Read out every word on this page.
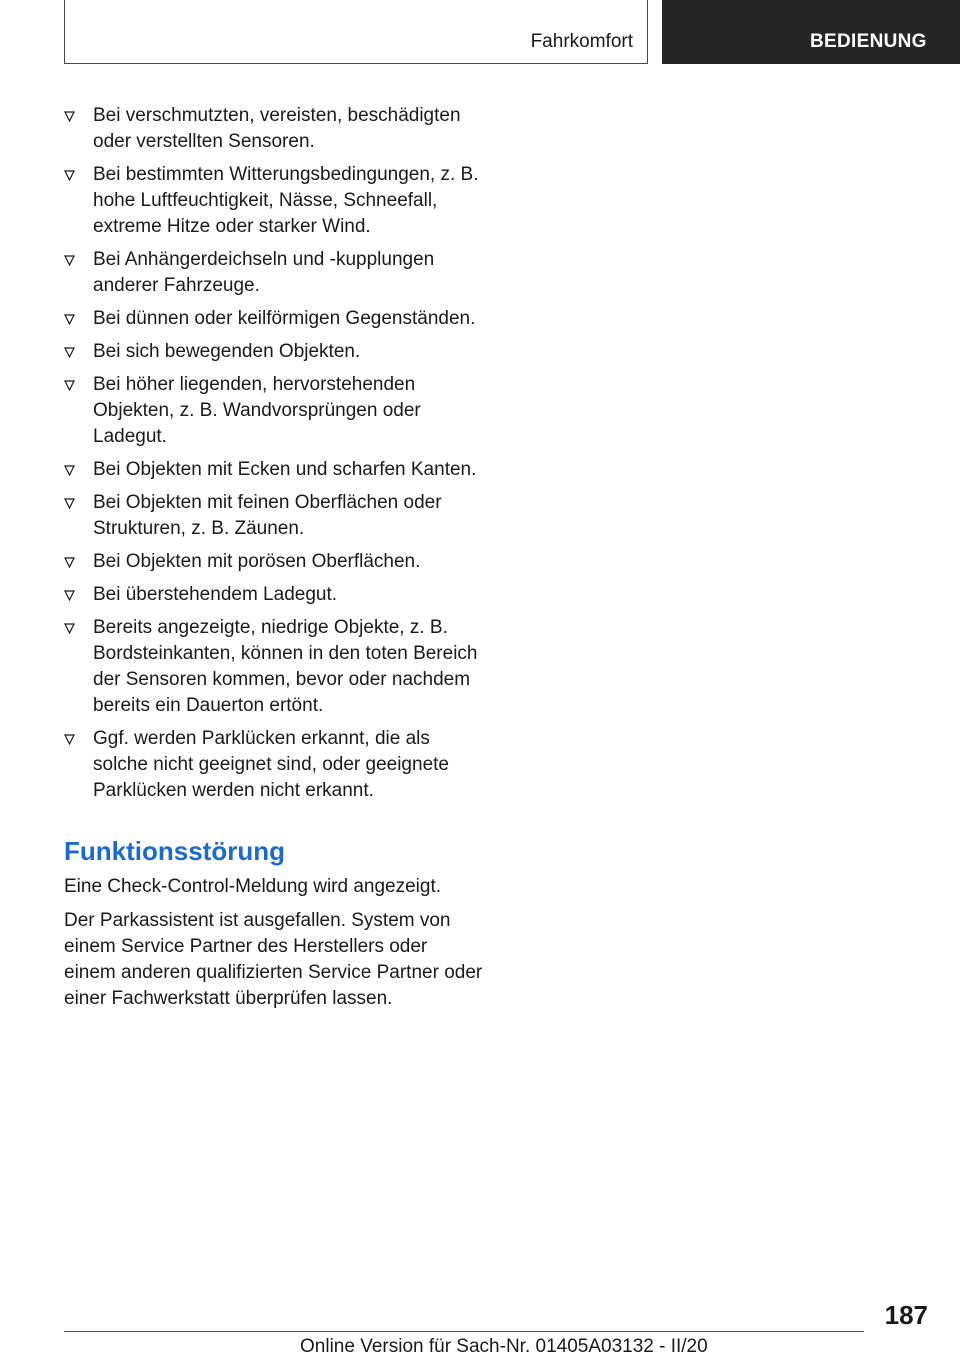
Fahrkomfort	BEDIENUNG
Bei verschmutzten, vereisten, beschädigten oder verstellten Sensoren.
Bei bestimmten Witterungsbedingungen, z. B. hohe Luftfeuchtigkeit, Nässe, Schneefall, extreme Hitze oder starker Wind.
Bei Anhängerdeichseln und -kupplungen anderer Fahrzeuge.
Bei dünnen oder keilförmigen Gegenständen.
Bei sich bewegenden Objekten.
Bei höher liegenden, hervorstehenden Objekten, z. B. Wandvorsprüngen oder Ladegut.
Bei Objekten mit Ecken und scharfen Kanten.
Bei Objekten mit feinen Oberflächen oder Strukturen, z. B. Zäunen.
Bei Objekten mit porösen Oberflächen.
Bei überstehendem Ladegut.
Bereits angezeigte, niedrige Objekte, z. B. Bordsteinkanten, können in den toten Bereich der Sensoren kommen, bevor oder nachdem bereits ein Dauerton ertönt.
Ggf. werden Parklücken erkannt, die als solche nicht geeignet sind, oder geeignete Parklücken werden nicht erkannt.
Funktionsstörung

Eine Check-Control-Meldung wird angezeigt.

Der Parkassistent ist ausgefallen. System von einem Service Partner des Herstellers oder einem anderen qualifizierten Service Partner oder einer Fachwerkstatt überprüfen lassen.

187
Online Version für Sach-Nr. 01405A03132 - II/20
